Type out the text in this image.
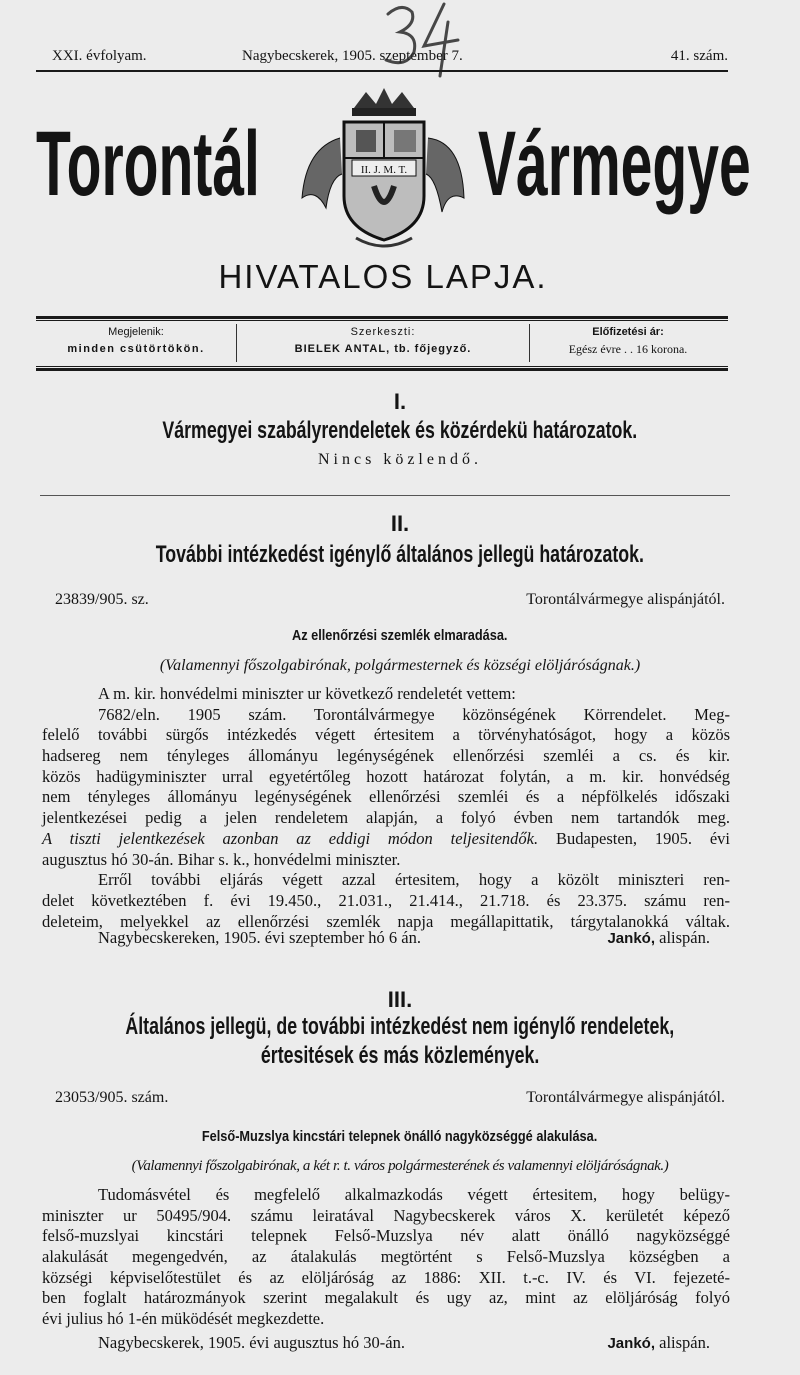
XXI. évfolyam.	Nagybecskerek, 1905. szeptember 7.	41. szám.
Torontál Vármegye
II. J. M. T.
HIVATALOS LAPJA.
Megjelenik:
minden csütörtökön.
Szerkeszti:
BIELEK ANTAL, tb. főjegyző.
Előfizetési ár:
Egész évre . . 16 korona.
I.
Vármegyei szabályrendeletek és közérdekü határozatok.
Nincs közlendő.
II.
További intézkedést igénylő általános jellegü határozatok.
23839/905. sz.	Torontálvármegye alispánjától.
Az ellenőrzési szemlék elmaradása.
(Valamennyi főszolgabirónak, polgármesternek és községi elöljáróságnak.)
A m. kir. honvédelmi miniszter ur következő rendeletét vettem:
7682/eln. 1905 szám. Torontálvármegye közönségének Körrendelet. Meg-
felelő további sürgős intézkedés végett értesitem a törvényhatóságot, hogy a közös
hadsereg nem tényleges állományu legénységének ellenőrzési szemléi a cs. és kir.
közös hadügyminiszter urral egyetértőleg hozott határozat folytán, a m. kir. honvédség
nem tényleges állományu legénységének ellenőrzési szemléi és a népfölkelés időszaki
jelentkezései pedig a jelen rendeletem alapján, a folyó évben nem tartandók meg.
A tiszti jelentkezések azonban az eddigi módon teljesitendők. Budapesten, 1905. évi
augusztus hó 30-án. Bihar s. k., honvédelmi miniszter.
Erről további eljárás végett azzal értesitem, hogy a közölt miniszteri ren-
delet következtében f. évi 19.450., 21.031., 21.414., 21.718. és 23.375. számu ren-
deleteim, melyekkel az ellenőrzési szemlék napja megállapittatik, tárgytalanokká váltak.
Nagybecskereken, 1905. évi szeptember hó 6 án.	Jankó, alispán.
III.
Általános jellegü, de további intézkedést nem igénylő rendeletek,
értesitések és más közlemények.
23053/905. szám.	Torontálvármegye alispánjától.
Felső-Muzslya kincstári telepnek önálló nagyközséggé alakulása.
(Valamennyi főszolgabirónak, a két r. t. város polgármesterének és valamennyi elöljáróságnak.)
Tudomásvétel és megfelelő alkalmazkodás végett értesitem, hogy belügy-
miniszter ur 50495/904. számu leiratával Nagybecskerek város X. kerületét képező
felső-muzslyai kincstári telepnek Felső-Muzslya név alatt önálló nagyközséggé
alakulását megengedvén, az átalakulás megtörtént s Felső-Muzslya községben a
községi képviselőtestület és az elöljáróság az 1886: XII. t.-c. IV. és VI. fejezeté-
ben foglalt határozmányok szerint megalakult és ugy az, mint az elöljáróság folyó
évi julius hó 1-én müködését megkezdette.
Nagybecskerek, 1905. évi augusztus hó 30-án.	Jankó, alispán.
